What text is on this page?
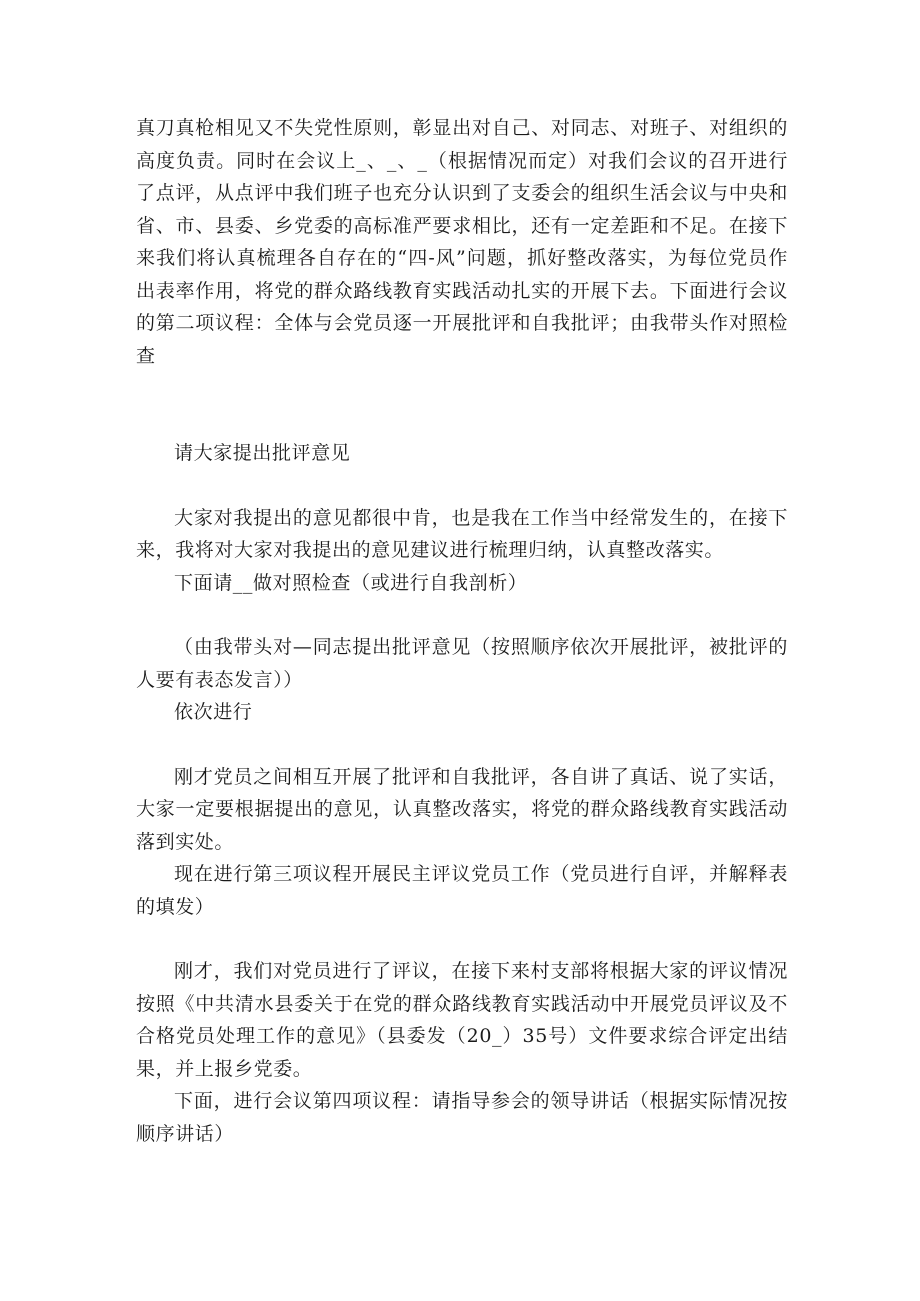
真刀真枪相见又不失党性原则，彰显出对自己、对同志、对班子、对组织的高度负责。同时在会议上_、_、_（根据情况而定）对我们会议的召开进行了点评，从点评中我们班子也充分认识到了支委会的组织生活会议与中央和省、市、县委、乡党委的高标准严要求相比，还有一定差距和不足。在接下来我们将认真梳理各自存在的“四-风”问题，抓好整改落实，为每位党员作出表率作用，将党的群众路线教育实践活动扎实的开展下去。下面进行会议的第二项议程：全体与会党员逐一开展批评和自我批评；由我带头作对照检查

请大家提出批评意见

大家对我提出的意见都很中肯，也是我在工作当中经常发生的，在接下来，我将对大家对我提出的意见建议进行梳理归纳，认真整改落实。

下面请__做对照检查（或进行自我剖析）

（由我带头对—同志提出批评意见（按照顺序依次开展批评，被批评的人要有表态发言））

依次进行

刚才党员之间相互开展了批评和自我批评，各自讲了真话、说了实话，大家一定要根据提出的意见，认真整改落实，将党的群众路线教育实践活动落到实处。

现在进行第三项议程开展民主评议党员工作（党员进行自评，并解释表的填发）

刚才，我们对党员进行了评议，在接下来村支部将根据大家的评议情况按照《中共清水县委关于在党的群众路线教育实践活动中开展党员评议及不合格党员处理工作的意见》（县委发（20_）35号）文件要求综合评定出结果，并上报乡党委。

下面，进行会议第四项议程：请指导参会的领导讲话（根据实际情况按顺序讲话）
